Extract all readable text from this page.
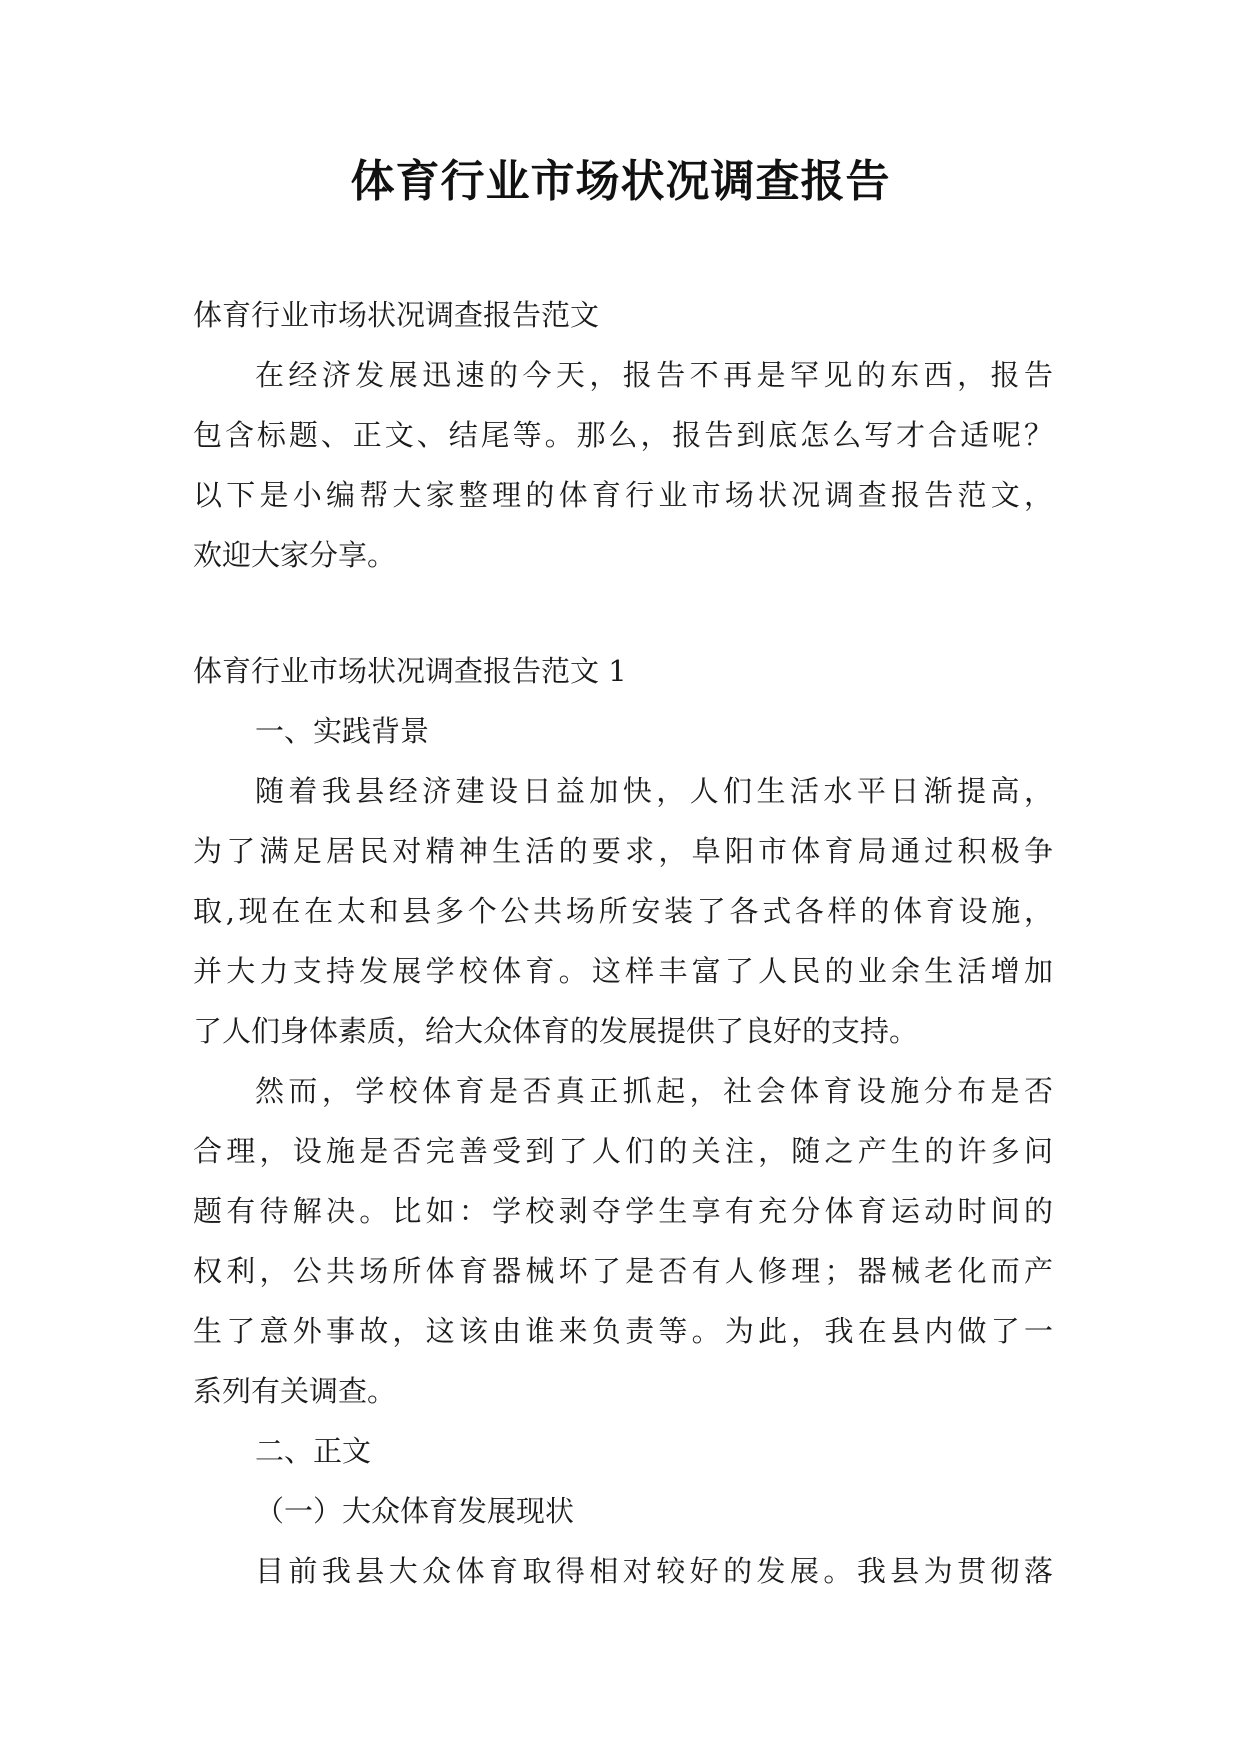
体育行业市场状况调查报告
体育行业市场状况调查报告范文
在经济发展迅速的今天，报告不再是罕见的东西，报告
包含标题、正文、结尾等。那么，报告到底怎么写才合适呢？
以下是小编帮大家整理的体育行业市场状况调查报告范文，
欢迎大家分享。
体育行业市场状况调查报告范文 1
一、实践背景
随着我县经济建设日益加快，人们生活水平日渐提高，
为了满足居民对精神生活的要求，阜阳市体育局通过积极争
取,现在在太和县多个公共场所安装了各式各样的体育设施，
并大力支持发展学校体育。这样丰富了人民的业余生活增加
了人们身体素质，给大众体育的发展提供了良好的支持。
然而，学校体育是否真正抓起，社会体育设施分布是否
合理，设施是否完善受到了人们的关注，随之产生的许多问
题有待解决。比如：学校剥夺学生享有充分体育运动时间的
权利，公共场所体育器械坏了是否有人修理；器械老化而产
生了意外事故，这该由谁来负责等。为此，我在县内做了一
系列有关调查。
二、正文
（一）大众体育发展现状
目前我县大众体育取得相对较好的发展。我县为贯彻落
